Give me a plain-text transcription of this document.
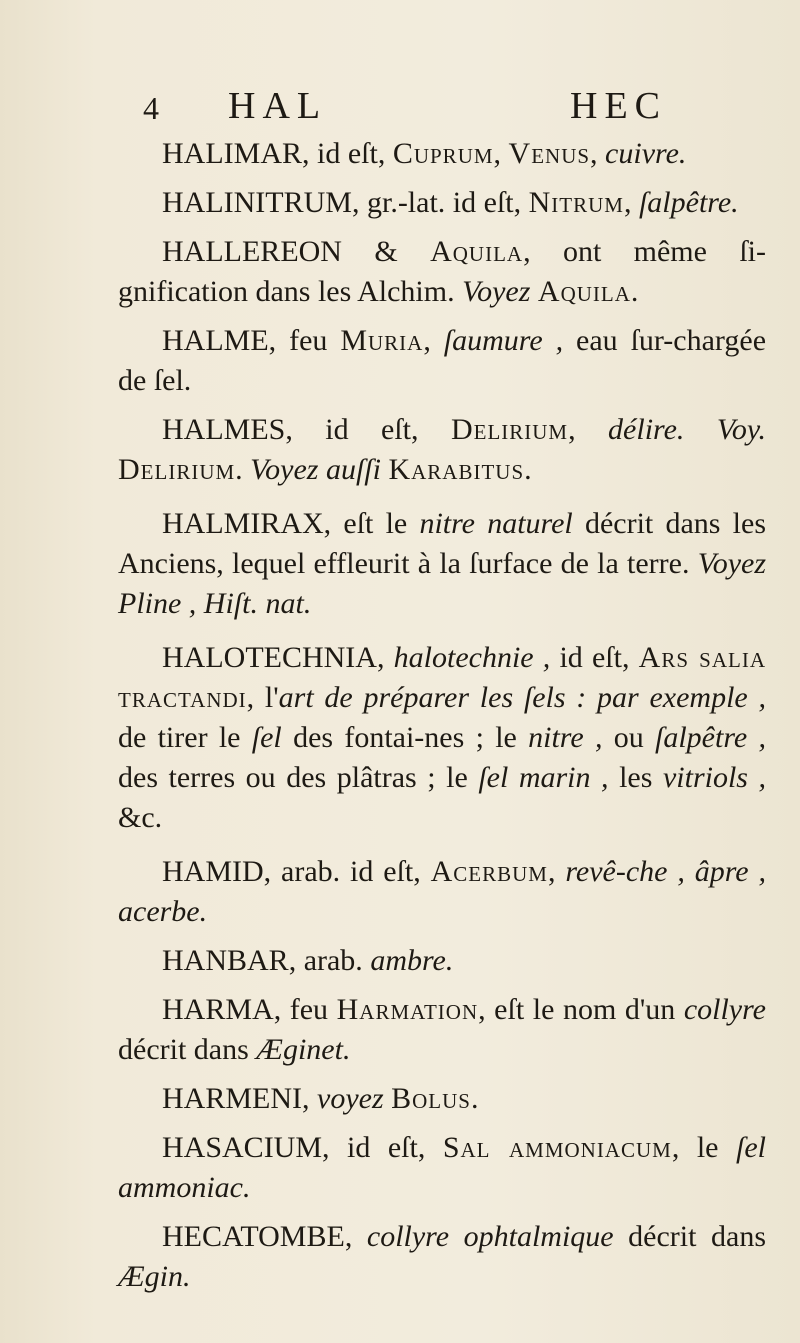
4 HAL	HEC

HALIMAR, id eſt, Cuprum, Venus, cuivre.

HALINITRUM, gr.-lat. id eſt, Nitrum, ſalpêtre.

HALLEREON & Aquila, ont même ſi-gnification dans les Alchim. Voyez Aquila.

HALME, feu Muria, ſaumure , eau ſur-chargée de ſel.

HALMES, id eſt, Delirium, délire. Voy. Delirium. Voyez auſſi Karabitus.

HALMIRAX, eſt le nitre naturel décrit dans les Anciens, lequel effleurit à la ſurface de la terre. Voyez Pline , Hiſt. nat.

HALOTECHNIA, halotechnie , id eſt, Ars salia tractandi, l'art de préparer les ſels : par exemple , de tirer le ſel des fontai-nes ; le nitre , ou ſalpêtre , des terres ou des plâtras ; le ſel marin , les vitriols , &c.

HAMID, arab. id eſt, Acerbum, revê-che , âpre , acerbe.

HANBAR, arab. ambre.

HARMA, feu Harmation, eſt le nom d'un collyre décrit dans Æginet.

HARMENI, voyez Bolus.

HASACIUM, id eſt, Sal ammoniacum, le ſel ammoniac.

HECATOMBE, collyre ophtalmique décrit dans Ægin.
